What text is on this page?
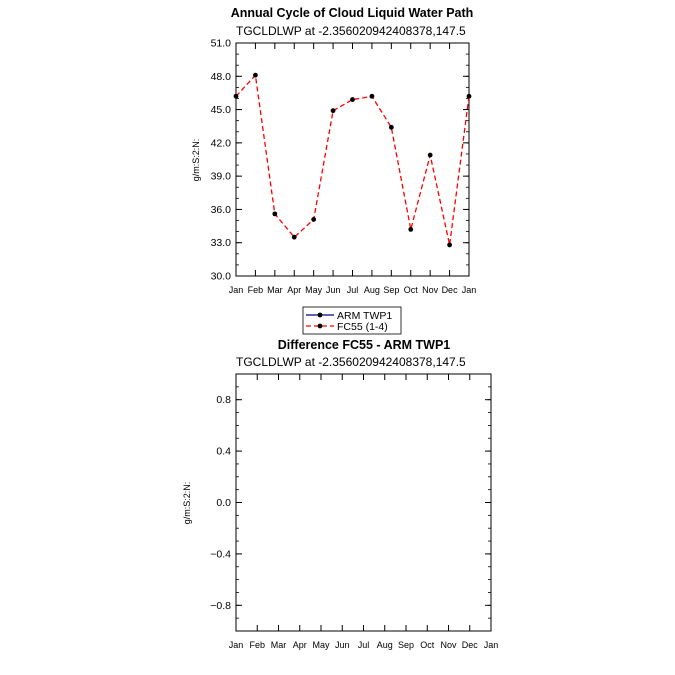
Annual Cycle of Cloud Liquid Water Path
TGCLDLWP at -2.356020942408378,147.5
g/m:S:2:N:
Jan Feb Mar Apr May Jun Jul Aug Sep Oct Nov Dec Jan
30.0
33.0
36.0
39.0
42.0
45.0
48.0
51.0
ARM TWP1
FC55 (1-4)
Difference FC55 - ARM TWP1
TGCLDLWP at -2.356020942408378,147.5
g/m:S:2:N:
Jan Feb Mar Apr May Jun Jul Aug Sep Oct Nov Dec Jan
−0.8
−0.4
0.0
0.4
0.8
